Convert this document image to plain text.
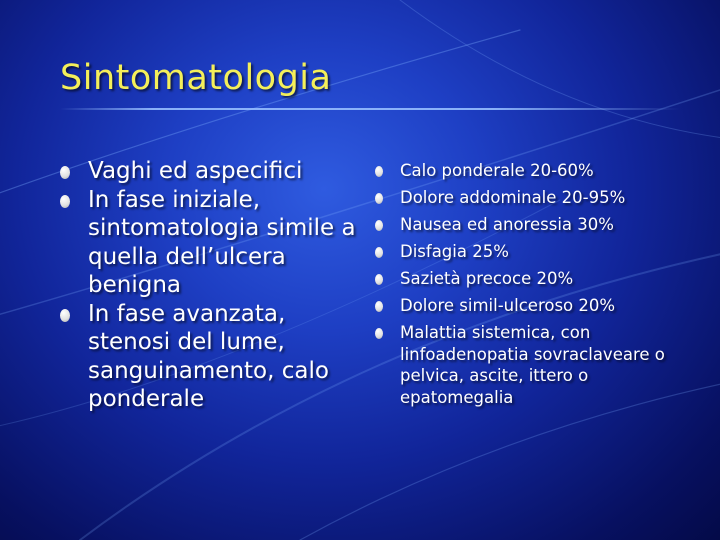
Sintomatologia
Vaghi ed aspecifici
In fase iniziale, sintomatologia simile a quella dell’ulcera benigna
In fase avanzata, stenosi del lume, sanguinamento, calo ponderale
Calo ponderale 20-60%
Dolore addominale 20-95%
Nausea ed anoressia 30%
Disfagia 25%
Sazietà precoce 20%
Dolore simil-ulceroso 20%
Malattia sistemica, con linfoadenopatia sovraclaveare o pelvica, ascite, ittero o epatomegalia
